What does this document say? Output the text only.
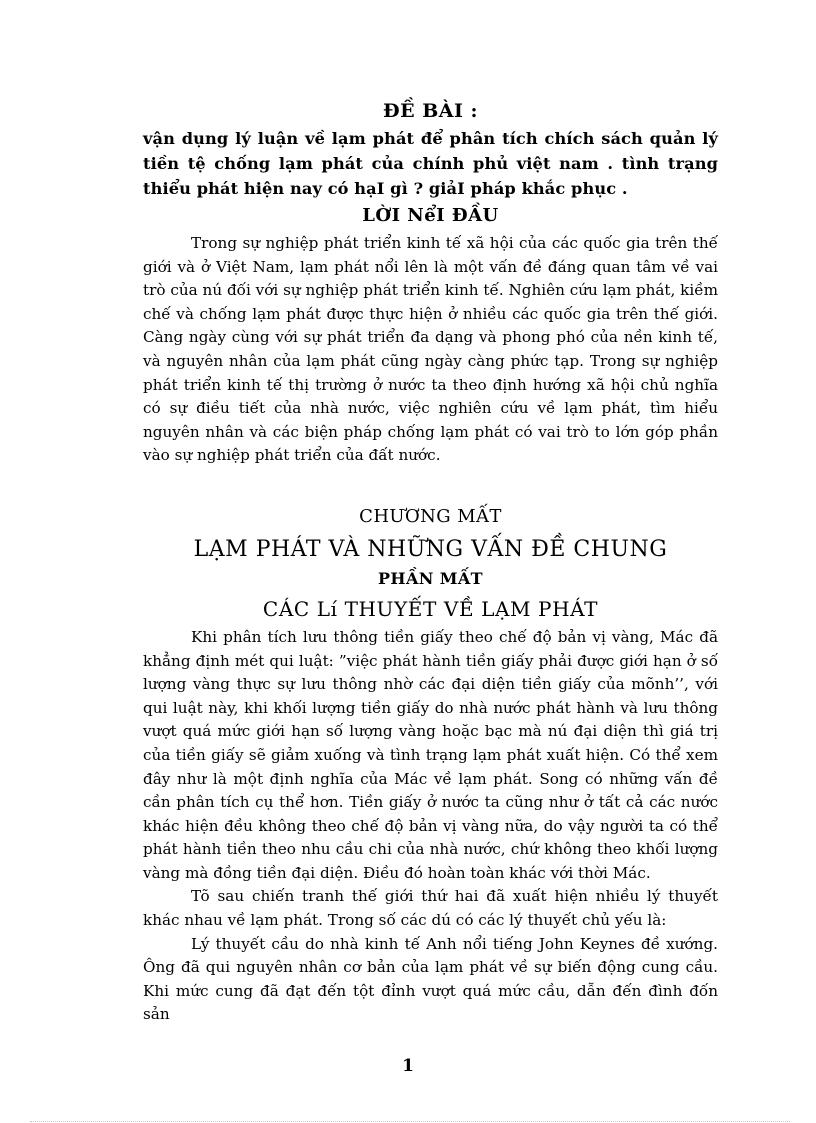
ĐỀ BÀI :

vận dụng lý luận về lạm phát để phân tích chích sách quản lý tiền tệ chống lạm phát của chính phủ việt nam . tình trạng thiểu phát hiện nay có hạI gì ? giảI pháp khắc phục .

LỜI NểI ĐẦU

Trong sự nghiệp phát triển kinh tế xã hội của các quốc gia trên thế giới và ở Việt Nam, lạm phát nổi lên là một vấn đề đáng quan tâm về vai trò của nú đối với sự nghiệp phát triển kinh tế. Nghiên cứu lạm phát, kiềm chế và chống lạm phát được thực hiện ở nhiều các quốc gia trên thế giới. Càng ngày cùng với sự phát triển đa dạng và phong phó của nền kinh tế, và nguyên nhân của lạm phát cũng ngày càng phức tạp. Trong sự nghiệp phát triển kinh tế thị trường ở nước ta theo định hướng xã hội chủ nghĩa có sự điều tiết của nhà nước, việc nghiên cứu về lạm phát, tìm hiểu nguyên nhân và các biện pháp chống lạm phát có vai trò to lớn góp phần vào sự nghiệp phát triển của đất nước.

CHƯƠNG MẤT
LẠM PHÁT VÀ NHỮNG VẤN ĐỀ CHUNG
PHẦN MẤT
CÁC Lí THUYẾT VỀ LẠM PHÁT

Khi phân tích lưu thông tiền giấy theo chế độ bản vị vàng, Mác đã khẳng định mét qui luật: ”việc phát hành tiền giấy phải được giới hạn ở số lượng vàng thực sự lưu thông nhờ các đại diện tiền giấy của mõnh’’, với qui luật này, khi khối lượng tiền giấy do nhà nước phát hành và lưu thông vượt quá mức giới hạn số lượng vàng hoặc bạc mà nú đại diện thì giá trị của tiền giấy sẽ giảm xuống và tình trạng lạm phát xuất hiện. Có thể xem đây như là một định nghĩa của Mác về lạm phát. Song có những vấn đề cần phân tích cụ thể hơn. Tiền giấy ở nước ta cũng như ở tất cả các nước khác hiện đều không theo chế độ bản vị vàng nữa, do vậy người ta có thể phát hành tiền theo nhu cầu chi của nhà nước, chứ không theo khối lượng vàng mà đồng tiền đại diện. Điều đó hoàn toàn khác với thời Mác.

Tõ sau chiến tranh thế giới thứ hai đã xuất hiện nhiều lý thuyết khác nhau về lạm phát. Trong số các dú có các lý thuyết chủ yếu là:

Lý thuyết cầu do nhà kinh tế Anh nổi tiếng John Keynes đề xướng. Ông đã qui nguyên nhân cơ bản của lạm phát về sự biến động cung cầu. Khi mức cung đã đạt đến tột đỉnh vượt quá mức cầu, dẫn đến đình đốn sản

1
